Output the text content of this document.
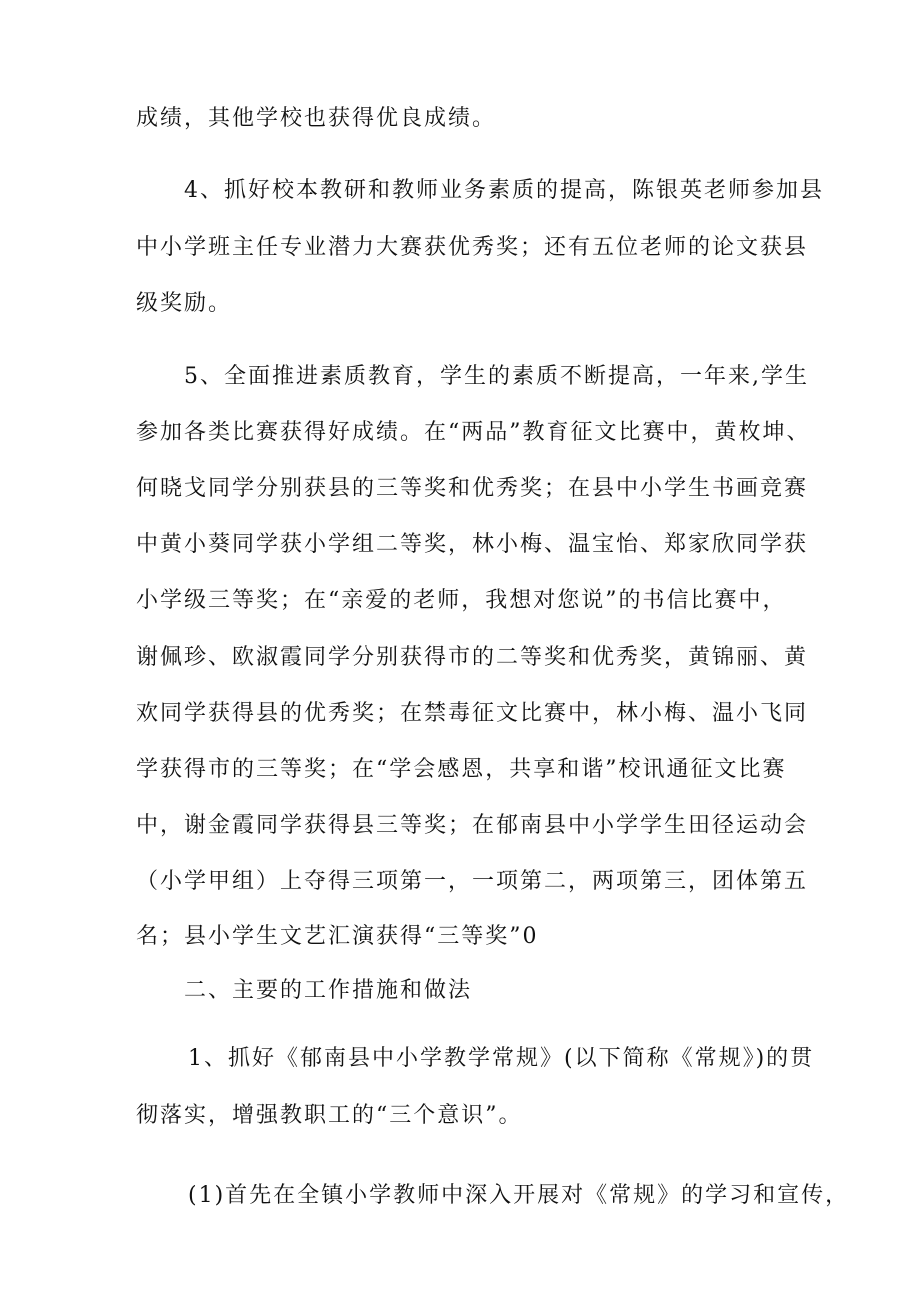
成绩，其他学校也获得优良成绩。
4、抓好校本教研和教师业务素质的提高，陈银英老师参加县
中小学班主任专业潜力大赛获优秀奖；还有五位老师的论文获县
级奖励。
5、全面推进素质教育，学生的素质不断提高，一年来,学生
参加各类比赛获得好成绩。在“两品”教育征文比赛中，黄枚坤、
何晓戈同学分别获县的三等奖和优秀奖；在县中小学生书画竞赛
中黄小葵同学获小学组二等奖，林小梅、温宝怡、郑家欣同学获
小学级三等奖；在“亲爱的老师，我想对您说”的书信比赛中，
谢佩珍、欧淑霞同学分别获得市的二等奖和优秀奖，黄锦丽、黄
欢同学获得县的优秀奖；在禁毒征文比赛中，林小梅、温小飞同
学获得市的三等奖；在“学会感恩，共享和谐”校讯通征文比赛
中，谢金霞同学获得县三等奖；在郁南县中小学学生田径运动会
（小学甲组）上夺得三项第一，一项第二，两项第三，团体第五
名；县小学生文艺汇演获得“三等奖”0
二、主要的工作措施和做法
1、抓好《郁南县中小学教学常规》(以下简称《常规》)的贯
彻落实，增强教职工的“三个意识”。
(1)首先在全镇小学教师中深入开展对《常规》的学习和宣传，
